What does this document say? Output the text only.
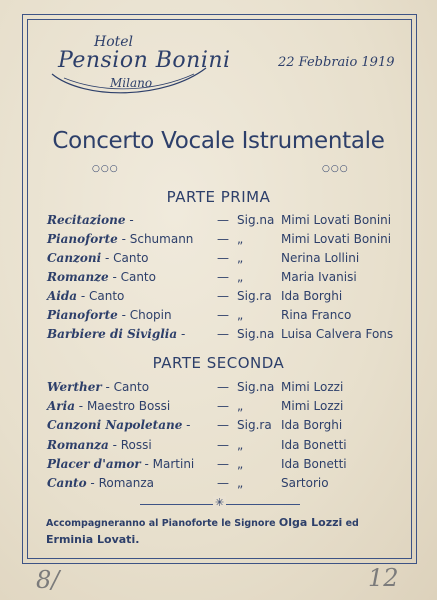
Hotel
Pension Bonini
Milano
22 Febbraio 1919
Concerto Vocale Istrumentale
○○○	○○○
PARTE PRIMA
Recitazione -	— Sig.na Mimi Lovati Bonini
Pianoforte - Schumann — „	Mimi Lovati Bonini
Canzoni - Canto	— „	Nerina Lollini
Romanze - Canto	— „	Maria Ivanisi
Aida - Canto	— Sig.ra Ida Borghi
Pianoforte - Chopin	— „	Rina Franco
Barbiere di Siviglia -	— Sig.na Luisa Calvera Fons
PARTE SECONDA
Werther - Canto	— Sig.na Mimi Lozzi
Aria - Maestro Bossi	— „	Mimi Lozzi
Canzoni Napoletane - — Sig.ra Ida Borghi
Romanza - Rossi	— „	Ida Bonetti
Placer d'amor - Martini — „	Ida Bonetti
Canto - Romanza	— „	Sartorio
✳
Accompagneranno al Pianoforte le Signore Olga Lozzi ed Erminia Lovati.
8/	12
